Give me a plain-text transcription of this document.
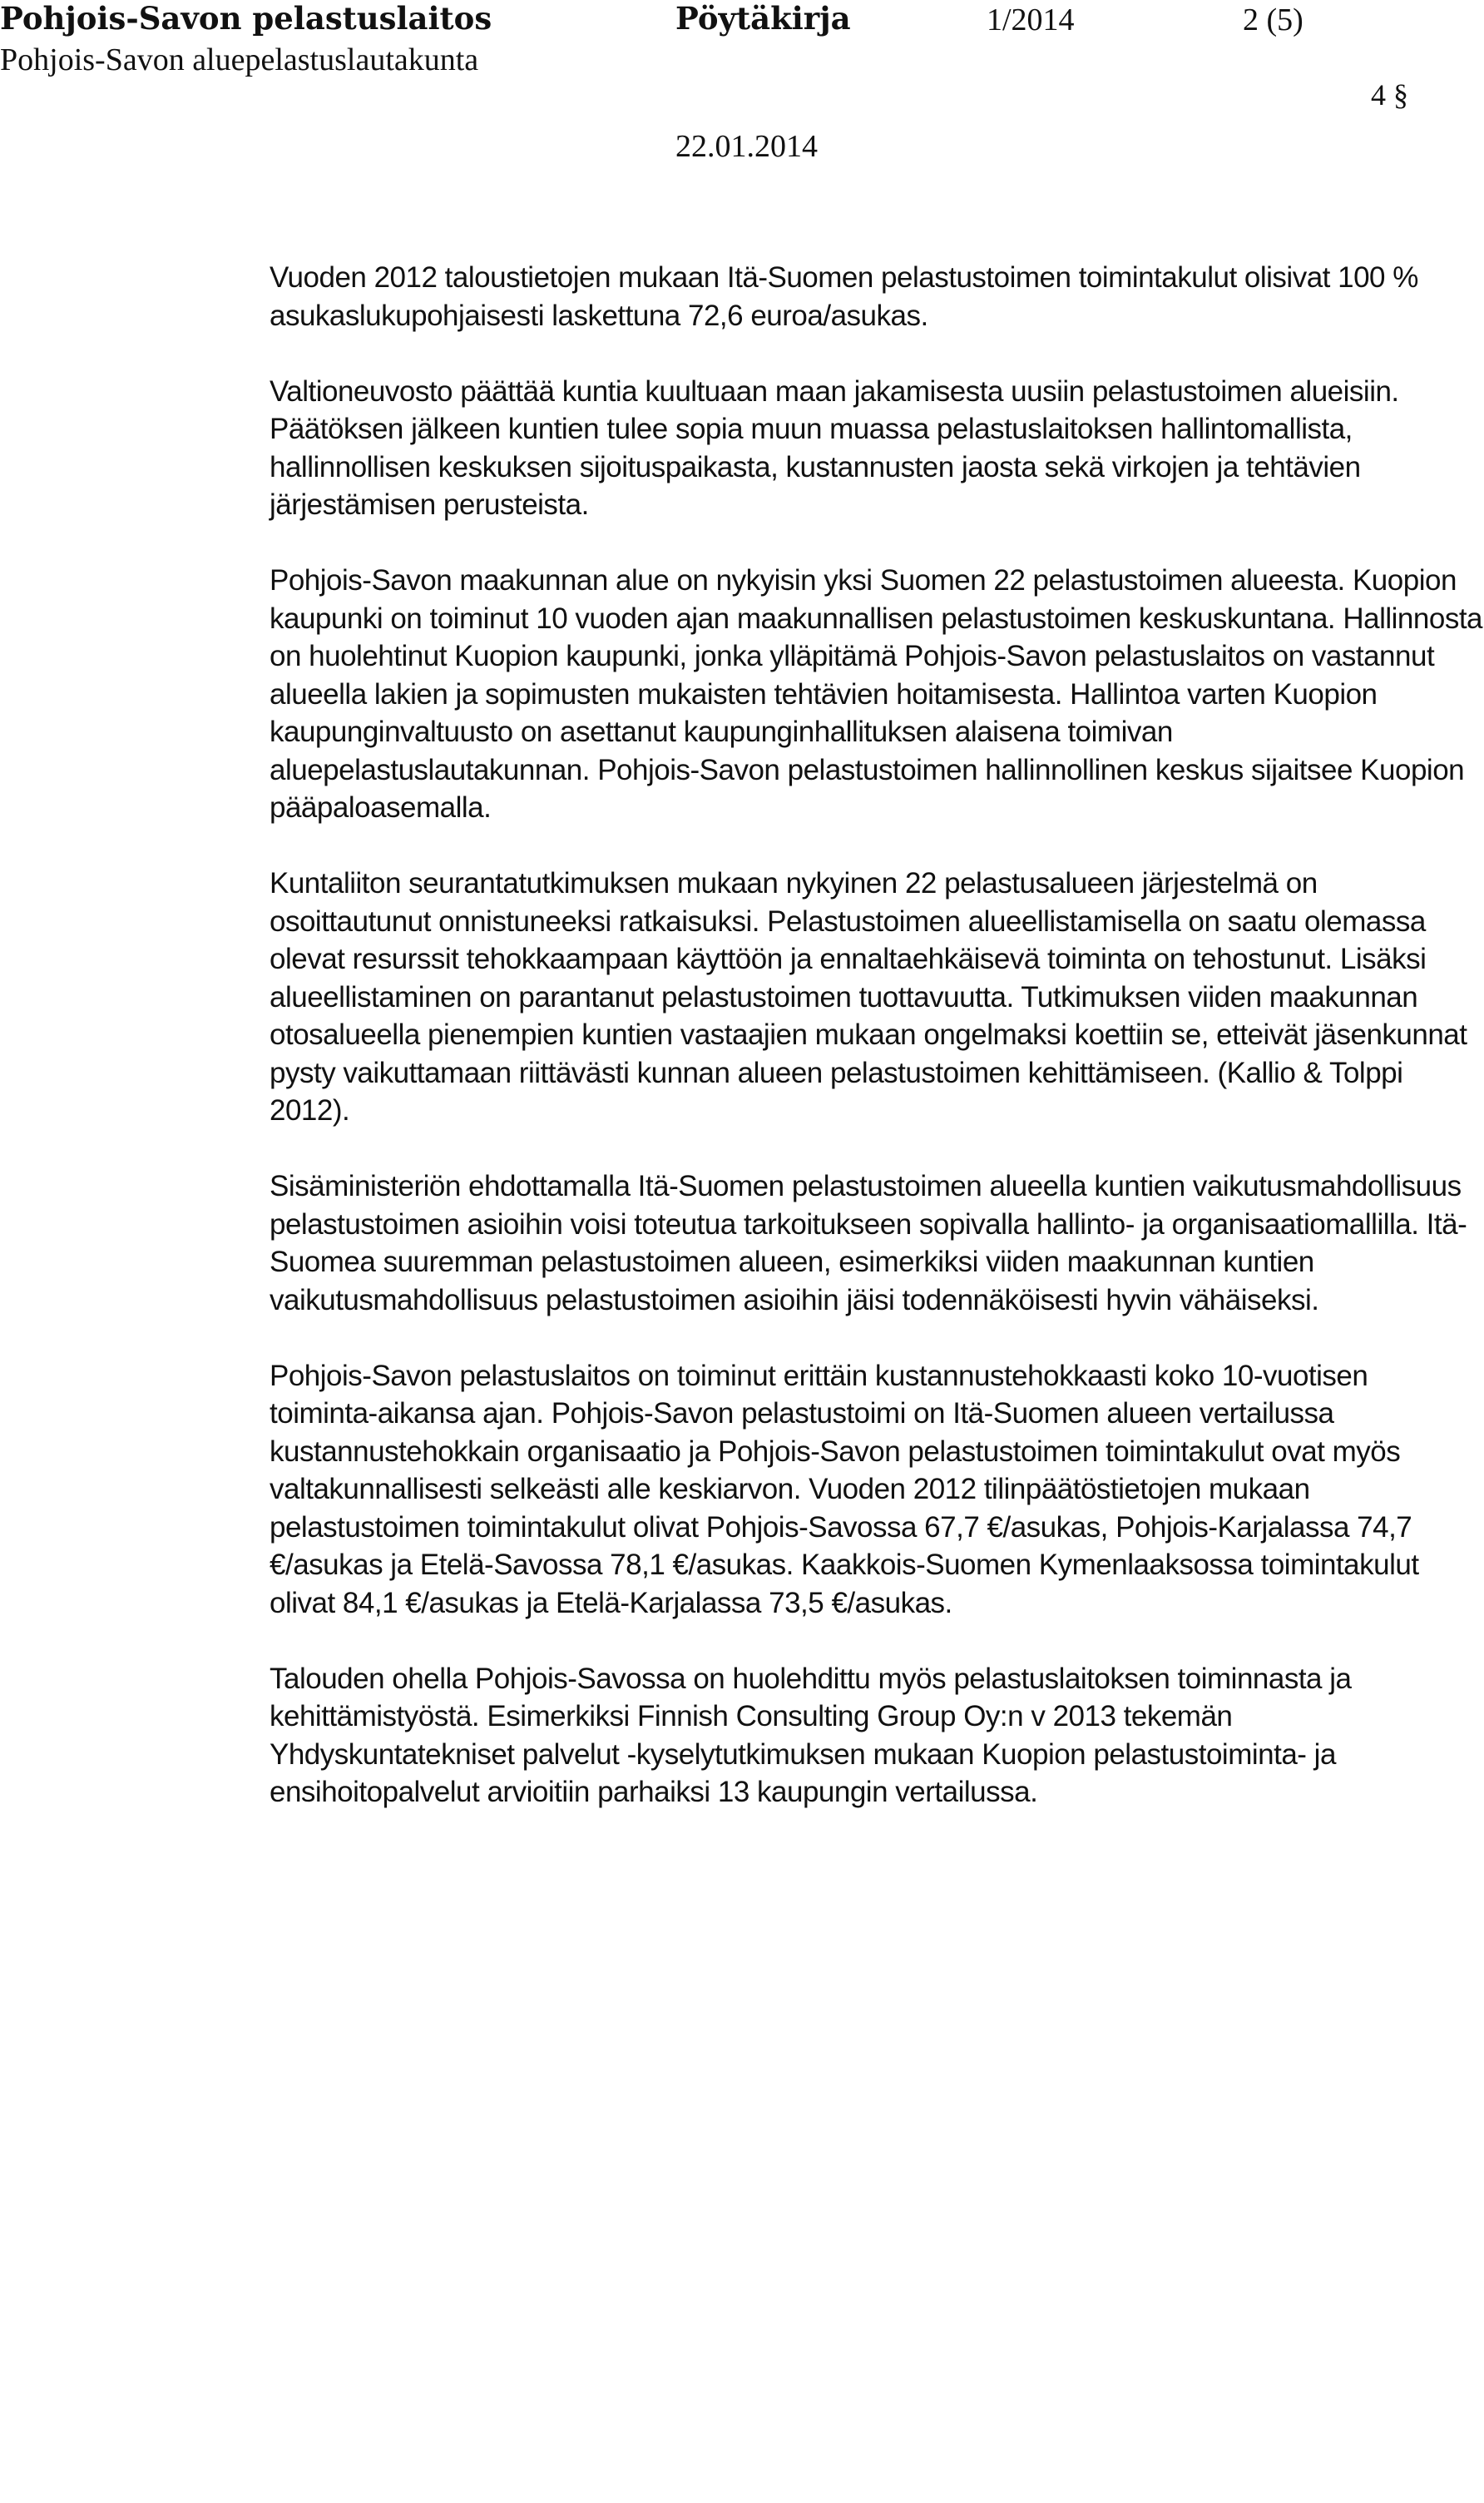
Pohjois-Savon pelastuslaitos
Pohjois-Savon aluepelastuslautakunta
Pöytäkirja	1/2014	2 (5)
4 §
22.01.2014

Vuoden 2012 taloustietojen mukaan Itä-Suomen pelastustoimen toimintakulut olisivat 100 % asukaslukupohjaisesti laskettuna 72,6 euroa/asukas.

Valtioneuvosto päättää kuntia kuultuaan maan jakamisesta uusiin pelastustoimen alueisiin. Päätöksen jälkeen kuntien tulee sopia muun muassa pelastuslaitoksen hallintomallista, hallinnollisen keskuksen sijoituspaikasta, kustannusten jaosta sekä virkojen ja tehtävien järjestämisen perusteista.

Pohjois-Savon maakunnan alue on nykyisin yksi Suomen 22 pelastustoimen alueesta. Kuopion kaupunki on toiminut 10 vuoden ajan maakunnallisen pelastustoimen keskuskuntana. Hallinnosta on huolehtinut Kuopion kaupunki, jonka ylläpitämä Pohjois-Savon pelastuslaitos on vastannut alueella lakien ja sopimusten mukaisten tehtävien hoitamisesta. Hallintoa varten Kuopion kaupunginvaltuusto on asettanut kaupunginhallituksen alaisena toimivan aluepelastuslautakunnan. Pohjois-Savon pelastustoimen hallinnollinen keskus sijaitsee Kuopion pääpaloasemalla.

Kuntaliiton seurantatutkimuksen mukaan nykyinen 22 pelastusalueen järjestelmä on osoittautunut onnistuneeksi ratkaisuksi. Pelastustoimen alueellistamisella on saatu olemassa olevat resurssit tehokkaampaan käyttöön ja ennaltaehkäisevä toiminta on tehostunut. Lisäksi alueellistaminen on parantanut pelastustoimen tuottavuutta. Tutkimuksen viiden maakunnan otosalueella pienempien kuntien vastaajien mukaan ongelmaksi koettiin se, etteivät jäsenkunnat pysty vaikuttamaan riittävästi kunnan alueen pelastustoimen kehittämiseen. (Kallio & Tolppi 2012).

Sisäministeriön ehdottamalla Itä-Suomen pelastustoimen alueella kuntien vaikutusmahdollisuus pelastustoimen asioihin voisi toteutua tarkoitukseen sopivalla hallinto- ja organisaatiomallilla. Itä-Suomea suuremman pelastustoimen alueen, esimerkiksi viiden maakunnan kuntien vaikutusmahdollisuus pelastustoimen asioihin jäisi todennäköisesti hyvin vähäiseksi.

Pohjois-Savon pelastuslaitos on toiminut erittäin kustannustehokkaasti koko 10-vuotisen toiminta-aikansa ajan. Pohjois-Savon pelastustoimi on Itä-Suomen alueen vertailussa kustannustehokkain organisaatio ja Pohjois-Savon pelastustoimen toimintakulut ovat myös valtakunnallisesti selkeästi alle keskiarvon. Vuoden 2012 tilinpäätöstietojen mukaan pelastustoimen toimintakulut olivat Pohjois-Savossa 67,7 €/asukas, Pohjois-Karjalassa 74,7 €/asukas ja Etelä-Savossa 78,1 €/asukas. Kaakkois-Suomen Kymenlaaksossa toimintakulut olivat 84,1 €/asukas ja Etelä-Karjalassa 73,5 €/asukas.

Talouden ohella Pohjois-Savossa on huolehdittu myös pelastuslaitoksen toiminnasta ja kehittämistyöstä. Esimerkiksi Finnish Consulting Group Oy:n v 2013 tekemän Yhdyskuntatekniset palvelut -kyselytutkimuksen mukaan Kuopion pelastustoiminta- ja ensihoitopalvelut arvioitiin parhaiksi 13 kaupungin vertailussa.
